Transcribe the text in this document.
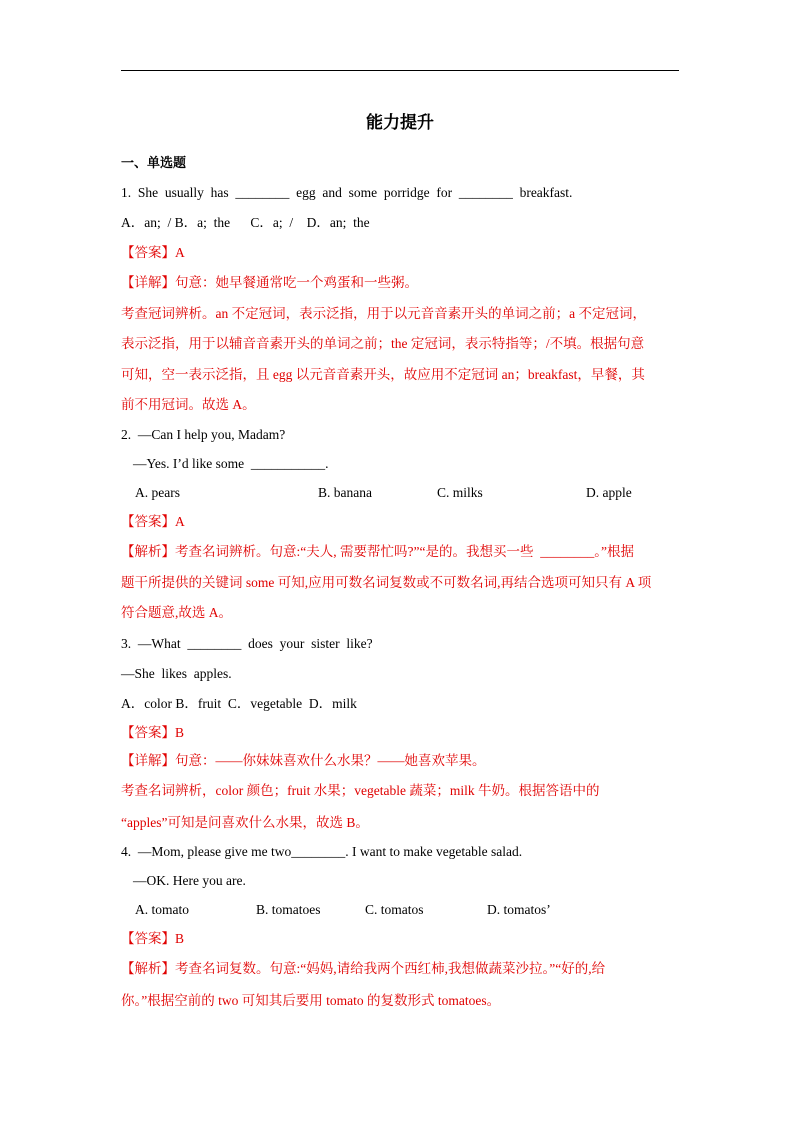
能力提升
一、单选题
1.  She  usually  has  ________  egg  and  some  porridge  for  ________  breakfast.
A．an;  / B．a;  the      C．a;  /    D．an;  the
【答案】A
【详解】句意：她早餐通常吃一个鸡蛋和一些粥。
考查冠词辨析。an 不定冠词，表示泛指，用于以元音音素开头的单词之前；a 不定冠词，
表示泛指，用于以辅音音素开头的单词之前；the 定冠词，表示特指等；/不填。根据句意
可知，空一表示泛指，且 egg 以元音音素开头，故应用不定冠词 an；breakfast，早餐，其
前不用冠词。故选 A。
2.  —Can I help you, Madam?
—Yes. I’d like some  ___________.
A. pears	B. banana	C. milks	D. apple
【答案】A
【解析】考查名词辨析。句意:“夫人, 需要帮忙吗?”“是的。我想买一些  ________。”根据
题干所提供的关键词 some 可知,应用可数名词复数或不可数名词,再结合选项可知只有 A 项
符合题意,故选 A。
3.  —What  ________  does  your  sister  like?
—She  likes  apples.
A．color B．fruit  C．vegetable  D．milk
【答案】B
【详解】句意：——你妹妹喜欢什么水果？——她喜欢苹果。
考查名词辨析，color 颜色；fruit 水果；vegetable 蔬菜；milk 牛奶。根据答语中的
“apples”可知是问喜欢什么水果，故选 B。
4.  —Mom, please give me two________. I want to make vegetable salad.
—OK. Here you are.
A. tomato	B. tomatoes	C. tomatos	D. tomatos’
【答案】B
【解析】考查名词复数。句意:“妈妈,请给我两个西红柿,我想做蔬菜沙拉。”“好的,给
你。”根据空前的 two 可知其后要用 tomato 的复数形式 tomatoes。
